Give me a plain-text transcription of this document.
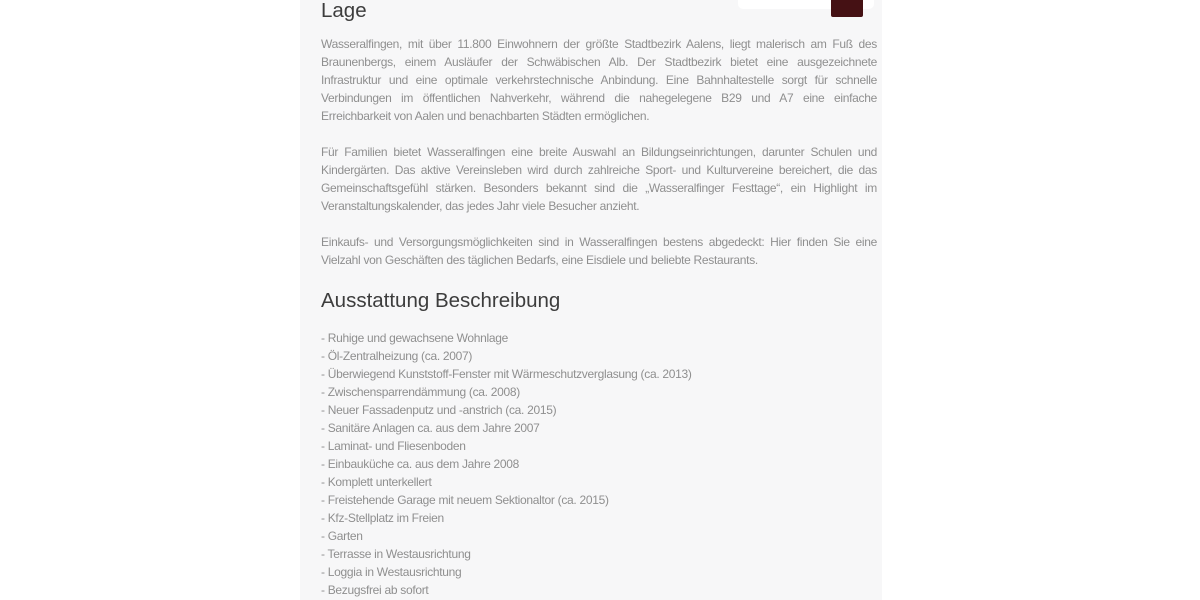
Lage
Wasseralfingen, mit über 11.800 Einwohnern der größte Stadtbezirk Aalens, liegt malerisch am Fuß des Braunenbergs, einem Ausläufer der Schwäbischen Alb. Der Stadtbezirk bietet eine ausgezeichnete Infrastruktur und eine optimale verkehrstechnische Anbindung. Eine Bahnhaltestelle sorgt für schnelle Verbindungen im öffentlichen Nahverkehr, während die nahegelegene B29 und A7 eine einfache Erreichbarkeit von Aalen und benachbarten Städten ermöglichen.
Für Familien bietet Wasseralfingen eine breite Auswahl an Bildungseinrichtungen, darunter Schulen und Kindergärten. Das aktive Vereinsleben wird durch zahlreiche Sport- und Kulturvereine bereichert, die das Gemeinschaftsgefühl stärken. Besonders bekannt sind die „Wasseralfinger Festtage“, ein Highlight im Veranstaltungskalender, das jedes Jahr viele Besucher anzieht.
Einkaufs- und Versorgungsmöglichkeiten sind in Wasseralfingen bestens abgedeckt: Hier finden Sie eine Vielzahl von Geschäften des täglichen Bedarfs, eine Eisdiele und beliebte Restaurants.
Ausstattung Beschreibung
- Ruhige und gewachsene Wohnlage
- Öl-Zentralheizung (ca. 2007)
- Überwiegend Kunststoff-Fenster mit Wärmeschutzverglasung (ca. 2013)
- Zwischensparrendämmung (ca. 2008)
- Neuer Fassadenputz und -anstrich (ca. 2015)
- Sanitäre Anlagen ca. aus dem Jahre 2007
- Laminat- und Fliesenboden
- Einbauküche ca. aus dem Jahre 2008
- Komplett unterkellert
- Freistehende Garage mit neuem Sektionaltor (ca. 2015)
- Kfz-Stellplatz im Freien
- Garten
- Terrasse in Westausrichtung
- Loggia in Westausrichtung
- Bezugsfrei ab sofort
